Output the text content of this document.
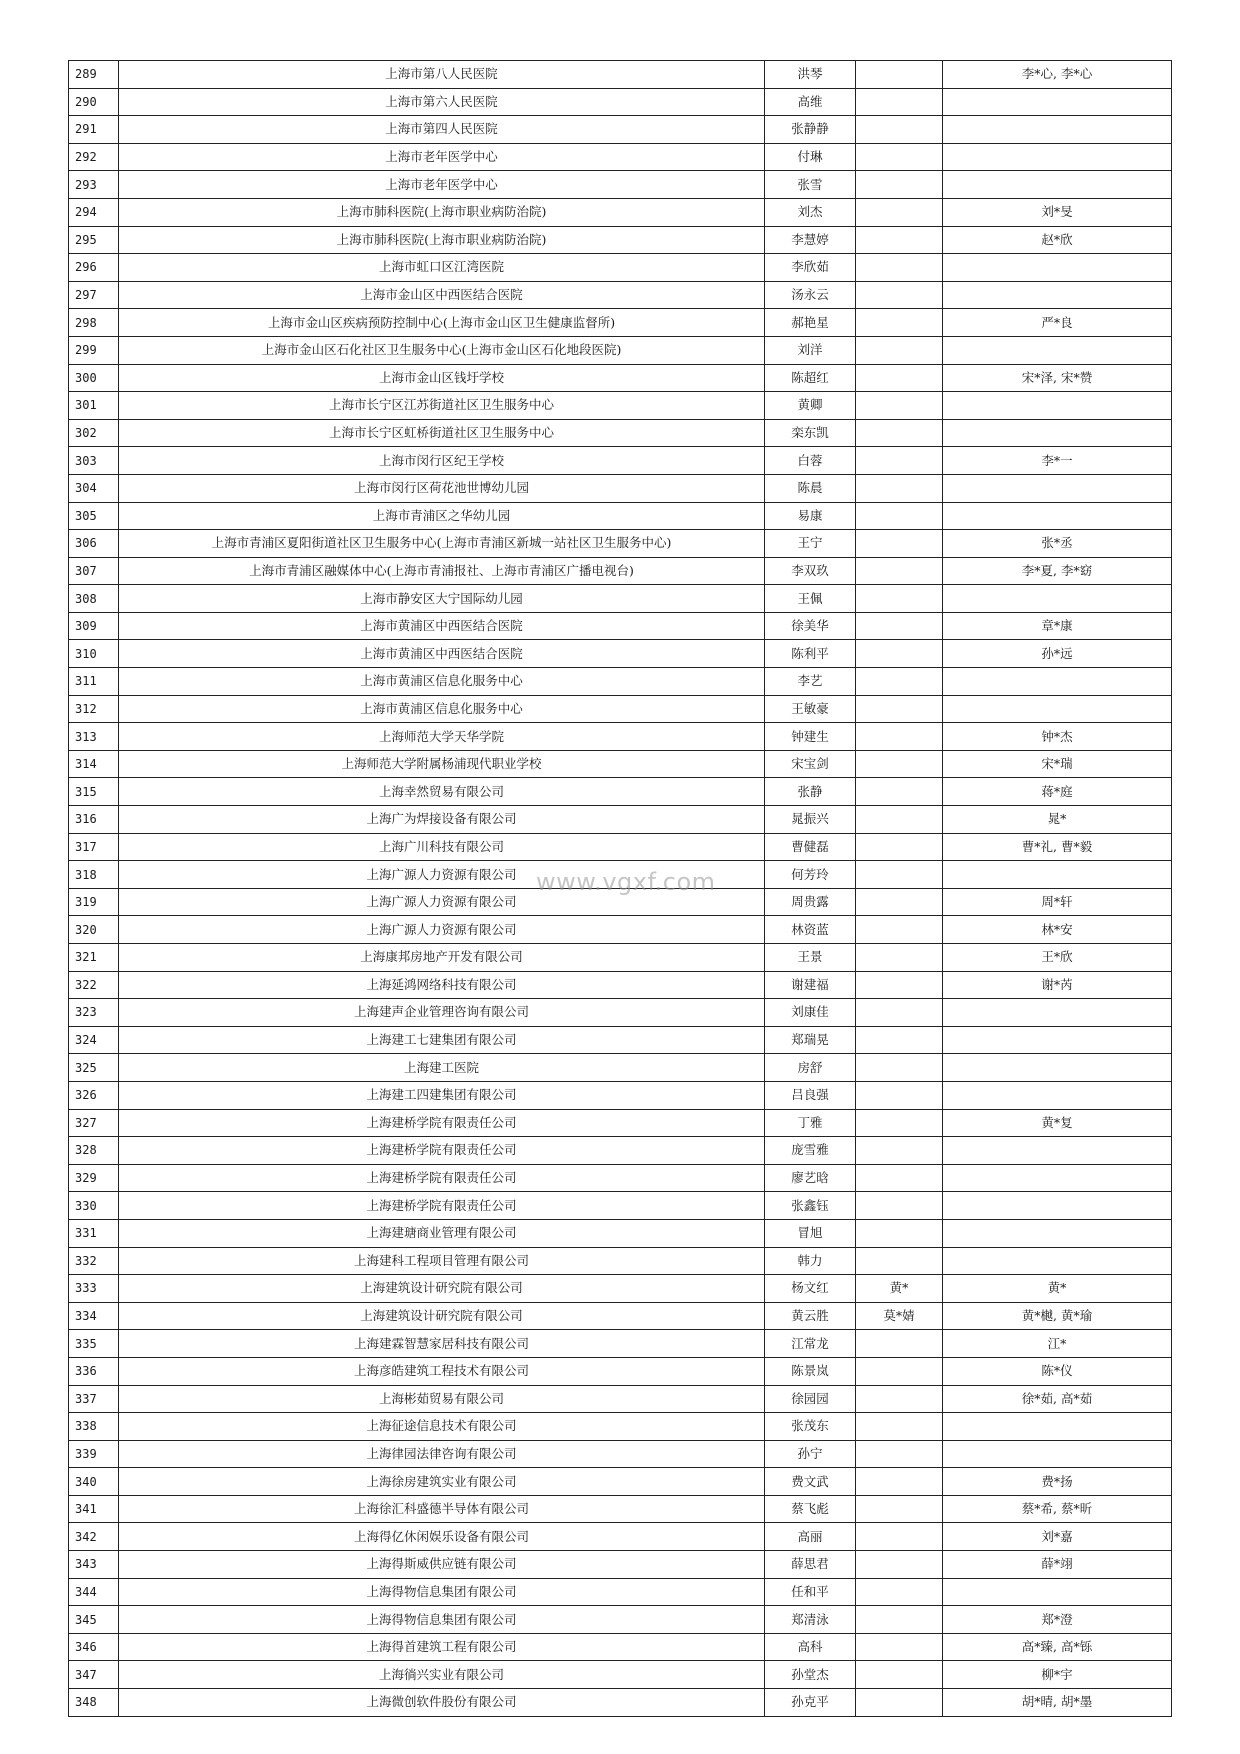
289	上海市第八人民医院	洪琴		李*心, 李*心
290	上海市第六人民医院	高维		
291	上海市第四人民医院	张静静		
292	上海市老年医学中心	付琳		
293	上海市老年医学中心	张雪		
294	上海市肺科医院(上海市职业病防治院)	刘杰		刘*旻
295	上海市肺科医院(上海市职业病防治院)	李慧婷		赵*欣
296	上海市虹口区江湾医院	李欣茹		
297	上海市金山区中西医结合医院	汤永云		
298	上海市金山区疾病预防控制中心(上海市金山区卫生健康监督所)	郝艳星		严*良
299	上海市金山区石化社区卫生服务中心(上海市金山区石化地段医院)	刘洋		
300	上海市金山区钱圩学校	陈超红		宋*泽, 宋*赞
301	上海市长宁区江苏街道社区卫生服务中心	黄卿		
302	上海市长宁区虹桥街道社区卫生服务中心	栾东凯		
303	上海市闵行区纪王学校	白蓉		李*一
304	上海市闵行区荷花池世博幼儿园	陈晨		
305	上海市青浦区之华幼儿园	易康		
306	上海市青浦区夏阳街道社区卫生服务中心(上海市青浦区新城一站社区卫生服务中心)	王宁		张*丞
307	上海市青浦区融媒体中心(上海市青浦报社、上海市青浦区广播电视台)	李双玖		李*夏, 李*窈
308	上海市静安区大宁国际幼儿园	王佩		
309	上海市黄浦区中西医结合医院	徐美华		章*康
310	上海市黄浦区中西医结合医院	陈利平		孙*远
311	上海市黄浦区信息化服务中心	李艺		
312	上海市黄浦区信息化服务中心	王敏豪		
313	上海师范大学天华学院	钟建生		钟*杰
314	上海师范大学附属杨浦现代职业学校	宋宝剑		宋*瑞
315	上海幸然贸易有限公司	张静		蒋*庭
316	上海广为焊接设备有限公司	晁振兴		晁*
317	上海广川科技有限公司	曹健磊		曹*礼, 曹*毅
318	上海广源人力资源有限公司	何芳玲		
319	上海广源人力资源有限公司	周贵露		周*轩
320	上海广源人力资源有限公司	林资蓝		林*安
321	上海康邦房地产开发有限公司	王景		王*欣
322	上海延鸿网络科技有限公司	谢建福		谢*芮
323	上海建声企业管理咨询有限公司	刘康佳		
324	上海建工七建集团有限公司	郑瑞晃		
325	上海建工医院	房舒		
326	上海建工四建集团有限公司	吕良强		
327	上海建桥学院有限责任公司	丁雅		黄*复
328	上海建桥学院有限责任公司	庞雪雅		
329	上海建桥学院有限责任公司	廖艺晗		
330	上海建桥学院有限责任公司	张鑫钰		
331	上海建瑭商业管理有限公司	冒旭		
332	上海建科工程项目管理有限公司	韩力		
333	上海建筑设计研究院有限公司	杨文红	黄*	黄*
334	上海建筑设计研究院有限公司	黄云胜	莫*婧	黄*樾, 黄*瑜
335	上海建霖智慧家居科技有限公司	江常龙		江*
336	上海彦皓建筑工程技术有限公司	陈景岚		陈*仪
337	上海彬茹贸易有限公司	徐园园		徐*茹, 高*茹
338	上海征途信息技术有限公司	张茂东		
339	上海律园法律咨询有限公司	孙宁		
340	上海徐房建筑实业有限公司	费文武		费*扬
341	上海徐汇科盛德半导体有限公司	蔡飞彪		蔡*希, 蔡*昕
342	上海得亿休闲娱乐设备有限公司	高丽		刘*嘉
343	上海得斯威供应链有限公司	薛思君		薛*翊
344	上海得物信息集团有限公司	任和平		
345	上海得物信息集团有限公司	郑清泳		郑*澄
346	上海得首建筑工程有限公司	高科		高*臻, 高*铄
347	上海徜兴实业有限公司	孙堂杰		柳*宇
348	上海微创软件股份有限公司	孙克平		胡*晴, 胡*墨
www.vgxf.com
